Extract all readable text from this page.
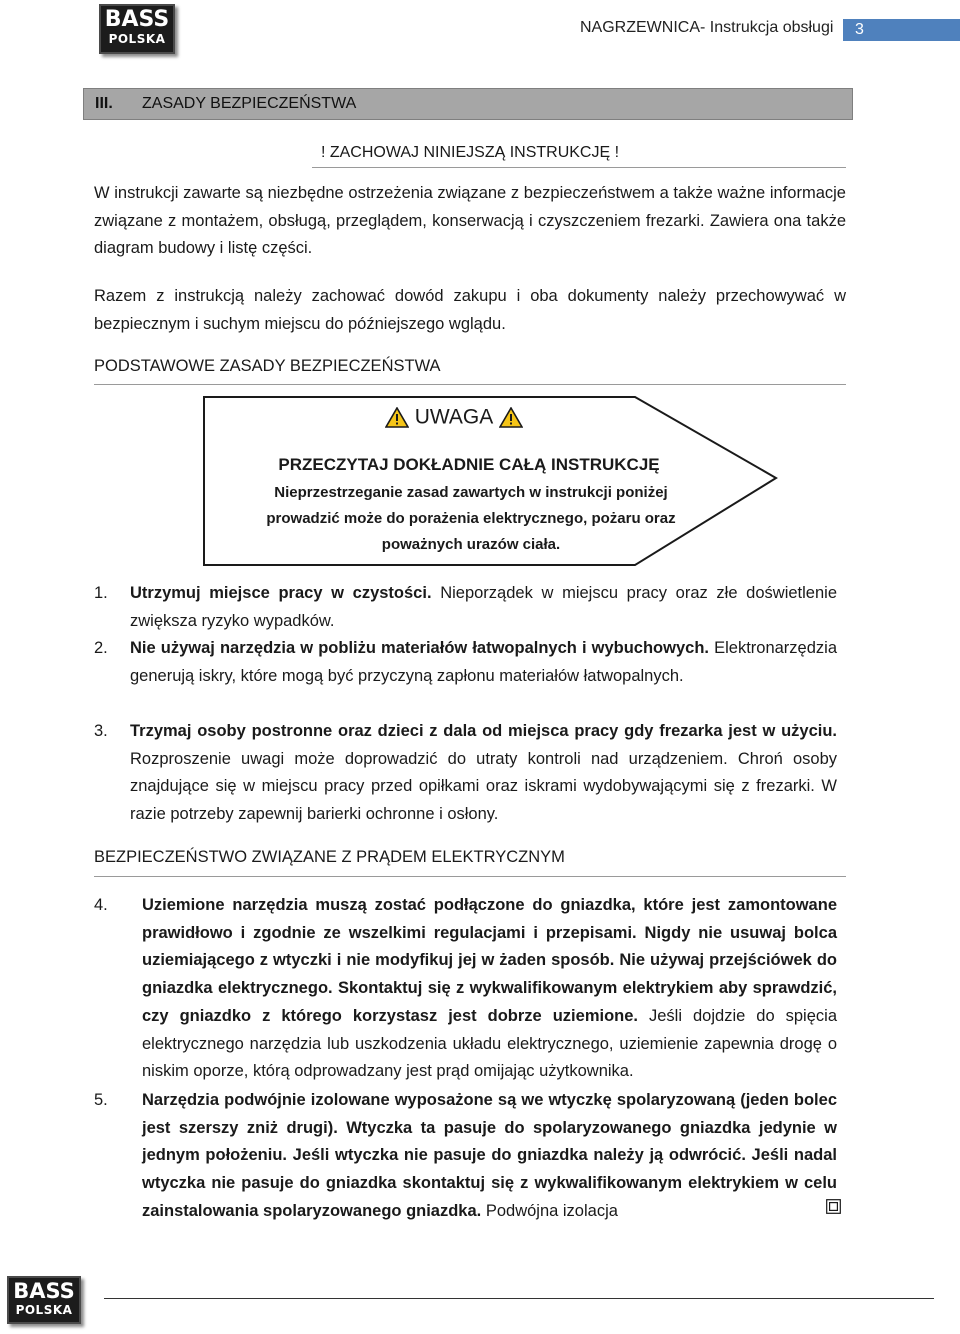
BASS
POLSKA
NAGRZEWNICA- Instrukcja obsługi 3
III. ZASADY BEZPIECZEŃSTWA
! ZACHOWAJ NINIEJSZĄ INSTRUKCJĘ !
W instrukcji zawarte są niezbędne ostrzeżenia związane z bezpieczeństwem a także ważne informacje związane z montażem, obsługą, przeglądem, konserwacją i czyszczeniem frezarki. Zawiera ona także diagram budowy i listę części.
Razem z instrukcją należy zachować dowód zakupu i oba dokumenty należy przechowywać w bezpiecznym i suchym miejscu do późniejszego wglądu.
PODSTAWOWE ZASADY BEZPIECZEŃSTWA
UWAGA
PRZECZYTAJ DOKŁADNIE CAŁĄ INSTRUKCJĘ
Nieprzestrzeganie zasad zawartych w instrukcji poniżej prowadzić może do porażenia elektrycznego, pożaru oraz poważnych urazów ciała.
1. Utrzymuj miejsce pracy w czystości. Nieporządek w miejscu pracy oraz złe doświetlenie zwiększa ryzyko wypadków.
2. Nie używaj narzędzia w pobliżu materiałów łatwopalnych i wybuchowych. Elektronarzędzia generują iskry, które mogą być przyczyną zapłonu materiałów łatwopalnych.
3. Trzymaj osoby postronne oraz dzieci z dala od miejsca pracy gdy frezarka jest w użyciu. Rozproszenie uwagi może doprowadzić do utraty kontroli nad urządzeniem. Chroń osoby znajdujące się w miejscu pracy przed opiłkami oraz iskrami wydobywającymi się z frezarki. W razie potrzeby zapewnij barierki ochronne i osłony.
BEZPIECZEŃSTWO ZWIĄZANE Z PRĄDEM ELEKTRYCZNYM
4. Uziemione narzędzia muszą zostać podłączone do gniazdka, które jest zamontowane prawidłowo i zgodnie ze wszelkimi regulacjami i przepisami. Nigdy nie usuwaj bolca uziemiającego z wtyczki i nie modyfikuj jej w żaden sposób. Nie używaj przejściówek do gniazdka elektrycznego. Skontaktuj się z wykwalifikowanym elektrykiem aby sprawdzić, czy gniazdko z którego korzystasz jest dobrze uziemione. Jeśli dojdzie do spięcia elektrycznego narzędzia lub uszkodzenia układu elektrycznego, uziemienie zapewnia drogę o niskim oporze, którą odprowadzany jest prąd omijając użytkownika.
5. Narzędzia podwójnie izolowane wyposażone są we wtyczkę spolaryzowaną (jeden bolec jest szerszy zniż drugi). Wtyczka ta pasuje do spolaryzowanego gniazdka jedynie w jednym położeniu. Jeśli wtyczka nie pasuje do gniazdka należy ją odwrócić. Jeśli nadal wtyczka nie pasuje do gniazdka skontaktuj się z wykwalifikowanym elektrykiem w celu zainstalowania spolaryzowanego gniazdka. Podwójna izolacja
BASS
POLSKA
